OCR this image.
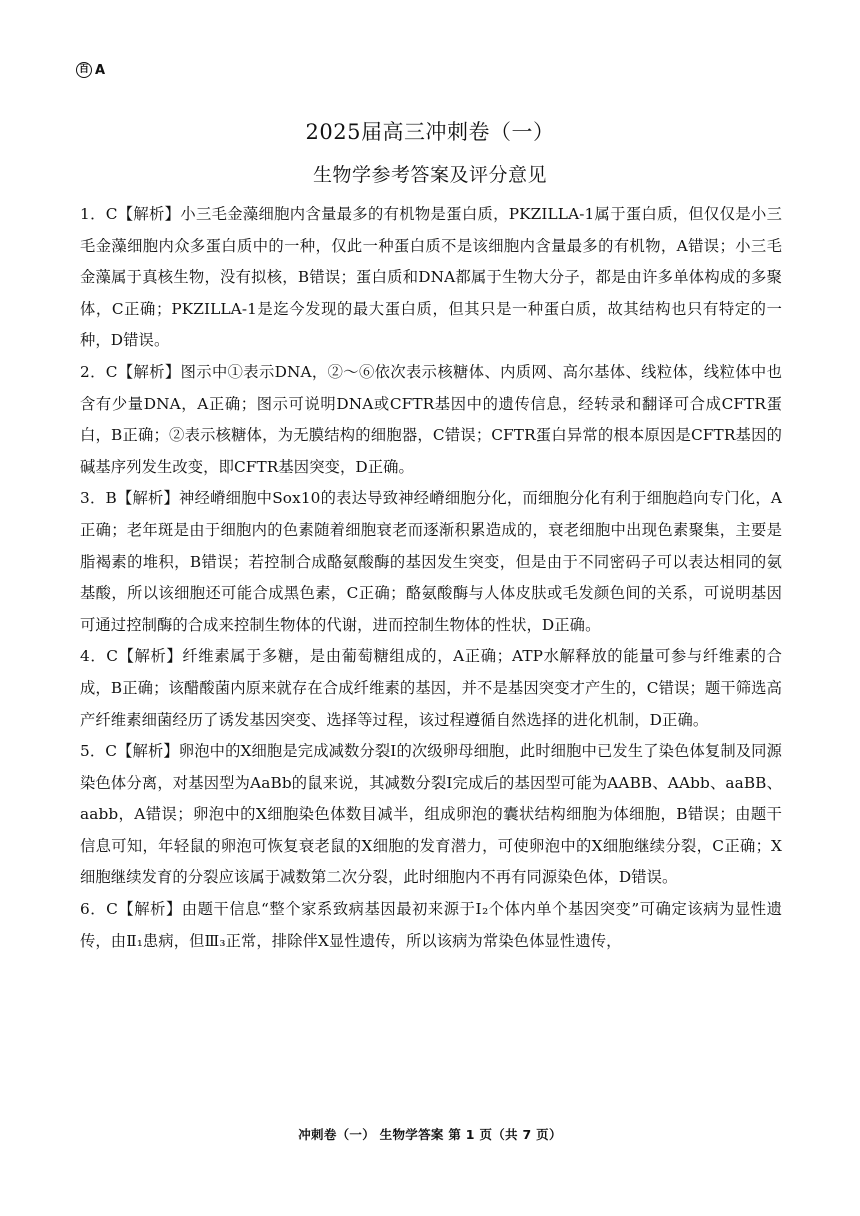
百 A
2025届高三冲刺卷（一）
生物学参考答案及评分意见

1．C【解析】小三毛金藻细胞内含量最多的有机物是蛋白质，PKZILLA-1属于蛋白质，但仅仅是小三毛金藻细胞内众多蛋白质中的一种，仅此一种蛋白质不是该细胞内含量最多的有机物，A错误；小三毛金藻属于真核生物，没有拟核，B错误；蛋白质和DNA都属于生物大分子，都是由许多单体构成的多聚体，C正确；PKZILLA-1是迄今发现的最大蛋白质，但其只是一种蛋白质，故其结构也只有特定的一种，D错误。

2．C【解析】图示中①表示DNA，②～⑥依次表示核糖体、内质网、高尔基体、线粒体，线粒体中也含有少量DNA，A正确；图示可说明DNA或CFTR基因中的遗传信息，经转录和翻译可合成CFTR蛋白，B正确；②表示核糖体，为无膜结构的细胞器，C错误；CFTR蛋白异常的根本原因是CFTR基因的碱基序列发生改变，即CFTR基因突变，D正确。

3．B【解析】神经嵴细胞中Sox10的表达导致神经嵴细胞分化，而细胞分化有利于细胞趋向专门化，A正确；老年斑是由于细胞内的色素随着细胞衰老而逐渐积累造成的，衰老细胞中出现色素聚集，主要是脂褐素的堆积，B错误；若控制合成酪氨酸酶的基因发生突变，但是由于不同密码子可以表达相同的氨基酸，所以该细胞还可能合成黑色素，C正确；酪氨酸酶与人体皮肤或毛发颜色间的关系，可说明基因可通过控制酶的合成来控制生物体的代谢，进而控制生物体的性状，D正确。

4．C【解析】纤维素属于多糖，是由葡萄糖组成的，A正确；ATP水解释放的能量可参与纤维素的合成，B正确；该醋酸菌内原来就存在合成纤维素的基因，并不是基因突变才产生的，C错误；题干筛选高产纤维素细菌经历了诱发基因突变、选择等过程，该过程遵循自然选择的进化机制，D正确。

5．C【解析】卵泡中的X细胞是完成减数分裂Ⅰ的次级卵母细胞，此时细胞中已发生了染色体复制及同源染色体分离，对基因型为AaBb的鼠来说，其减数分裂Ⅰ完成后的基因型可能为AABB、AAbb、aaBB、aabb，A错误；卵泡中的X细胞染色体数目减半，组成卵泡的囊状结构细胞为体细胞，B错误；由题干信息可知，年轻鼠的卵泡可恢复衰老鼠的X细胞的发育潜力，可使卵泡中的X细胞继续分裂，C正确；X细胞继续发育的分裂应该属于减数第二次分裂，此时细胞内不再有同源染色体，D错误。

6．C【解析】由题干信息“整个家系致病基因最初来源于Ⅰ₂个体内单个基因突变”可确定该病为显性遗传，由Ⅱ₁患病，但Ⅲ₃正常，排除伴X显性遗传，所以该病为常染色体显性遗传，

冲刺卷（一） 生物学答案 第 1 页（共 7 页）
